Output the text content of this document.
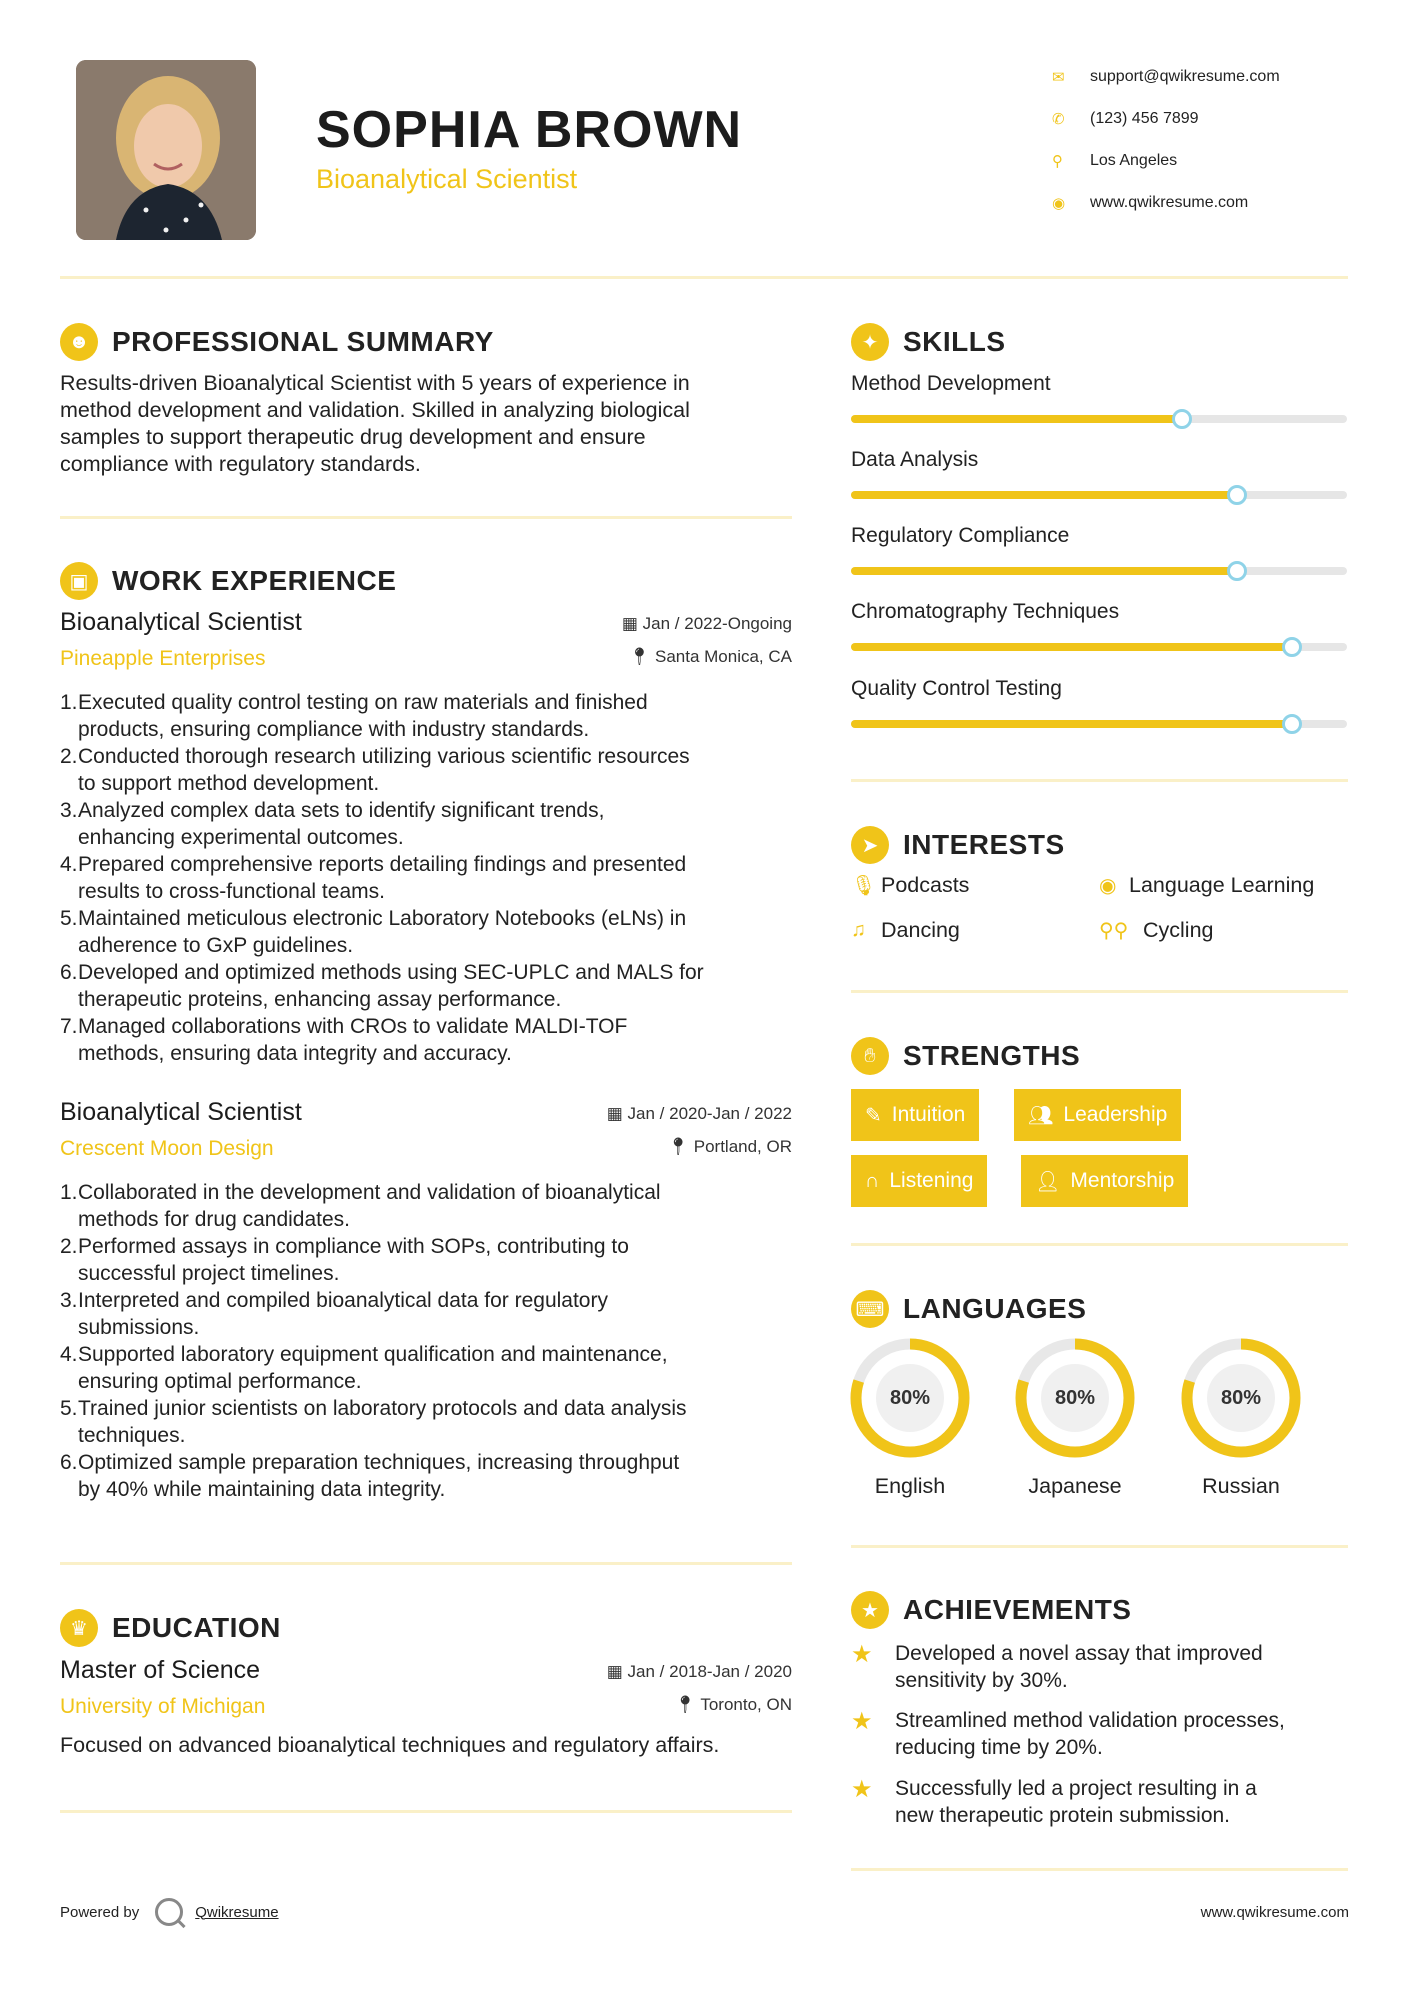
SOPHIA BROWN
Bioanalytical Scientist
✉	support@qwikresume.com
✆	(123) 456 7899
⚲	Los Angeles
◉	www.qwikresume.com
☻ PROFESSIONAL SUMMARY
Results-driven Bioanalytical Scientist with 5 years of experience in
method development and validation. Skilled in analyzing biological
samples to support therapeutic drug development and ensure
compliance with regulatory standards.
▣ WORK EXPERIENCE
Bioanalytical Scientist	▦ Jan / 2022-Ongoing
Pineapple Enterprises	📍︎ Santa Monica, CA
1. Executed quality control testing on raw materials and finished
products, ensuring compliance with industry standards.
2. Conducted thorough research utilizing various scientific resources
to support method development.
3. Analyzed complex data sets to identify significant trends,
enhancing experimental outcomes.
4. Prepared comprehensive reports detailing findings and presented
results to cross-functional teams.
5. Maintained meticulous electronic Laboratory Notebooks (eLNs) in
adherence to GxP guidelines.
6. Developed and optimized methods using SEC-UPLC and MALS for
therapeutic proteins, enhancing assay performance.
7. Managed collaborations with CROs to validate MALDI-TOF
methods, ensuring data integrity and accuracy.
Bioanalytical Scientist	▦ Jan / 2020-Jan / 2022
Crescent Moon Design	📍︎ Portland, OR
1. Collaborated in the development and validation of bioanalytical
methods for drug candidates.
2. Performed assays in compliance with SOPs, contributing to
successful project timelines.
3. Interpreted and compiled bioanalytical data for regulatory
submissions.
4. Supported laboratory equipment qualification and maintenance,
ensuring optimal performance.
5. Trained junior scientists on laboratory protocols and data analysis
techniques.
6. Optimized sample preparation techniques, increasing throughput
by 40% while maintaining data integrity.
♛ EDUCATION
Master of Science	▦ Jan / 2018-Jan / 2020
University of Michigan	📍︎ Toronto, ON
Focused on advanced bioanalytical techniques and regulatory affairs.
✦ SKILLS
Method Development
Data Analysis
Regulatory Compliance
Chromatography Techniques
Quality Control Testing
➤ INTERESTS
🎙︎ Podcasts	◉ Language Learning
♫ Dancing	⚲⚲ Cycling
✋︎ STRENGTHS
✎ Intuition	👥︎ Leadership
∩ Listening	👤︎ Mentorship
⌨ LANGUAGES
80%
English
80%
Japanese
80%
Russian
★ ACHIEVEMENTS
★	Developed a novel assay that improved
sensitivity by 30%.
★	Streamlined method validation processes,
reducing time by 20%.
★	Successfully led a project resulting in a
new therapeutic protein submission.
Powered by	Qwikresume	www.qwikresume.com
